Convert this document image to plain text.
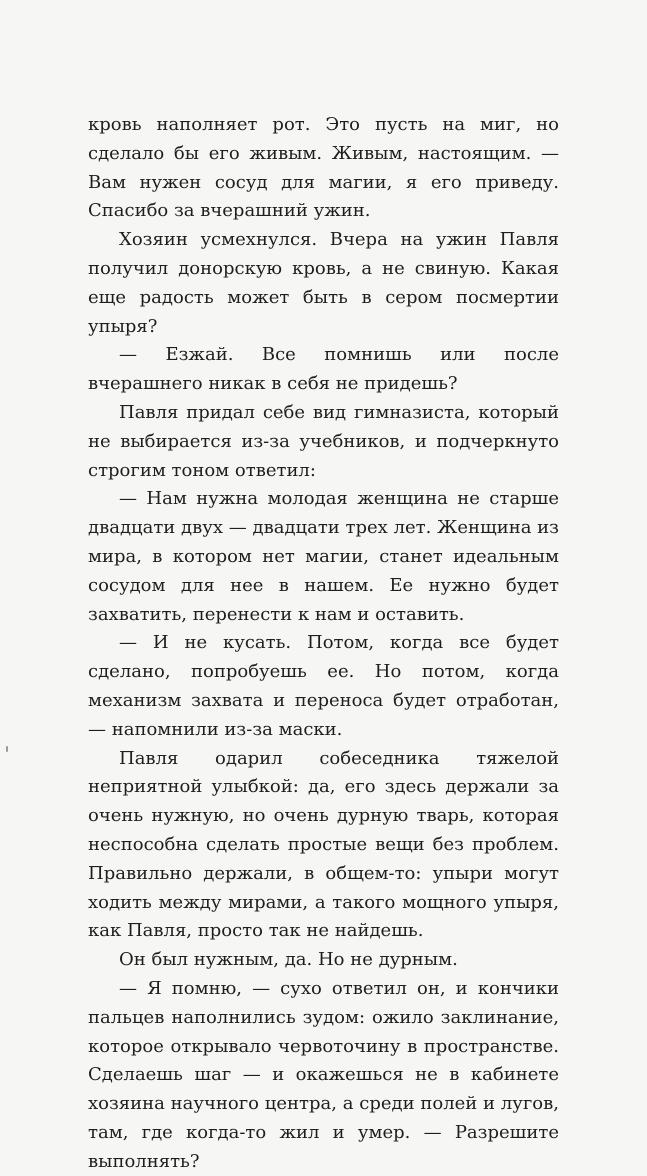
кровь наполняет рот. Это пусть на миг, но сделало бы его живым. Живым, настоящим. — Вам нужен сосуд для магии, я его приведу. Спасибо за вчерашний ужин.

Хозяин усмехнулся. Вчера на ужин Павля получил донорскую кровь, а не свиную. Какая еще радость может быть в сером посмертии упыря?

— Езжай. Все помнишь или после вчерашнего никак в себя не придешь?

Павля придал себе вид гимназиста, который не выбирается из-за учебников, и подчеркнуто строгим тоном ответил:

— Нам нужна молодая женщина не старше двадцати двух — двадцати трех лет. Женщина из мира, в котором нет магии, станет идеальным сосудом для нее в нашем. Ее нужно будет захватить, перенести к нам и оставить.

— И не кусать. Потом, когда все будет сделано, попробуешь ее. Но потом, когда механизм захвата и переноса будет отработан, — напомнили из-за маски.

Павля одарил собеседника тяжелой неприятной улыбкой: да, его здесь держали за очень нужную, но очень дурную тварь, которая неспособна сделать простые вещи без проблем. Правильно держали, в общем-то: упыри могут ходить между мирами, а такого мощного упыря, как Павля, просто так не найдешь.

Он был нужным, да. Но не дурным.

— Я помню, — сухо ответил он, и кончики пальцев наполнились зудом: ожило заклинание, которое открывало червоточину в пространстве. Сделаешь шаг — и окажешься не в кабинете хозяина научного центра, а среди полей и лугов, там, где когда-то жил и умер. — Разрешите выполнять?
